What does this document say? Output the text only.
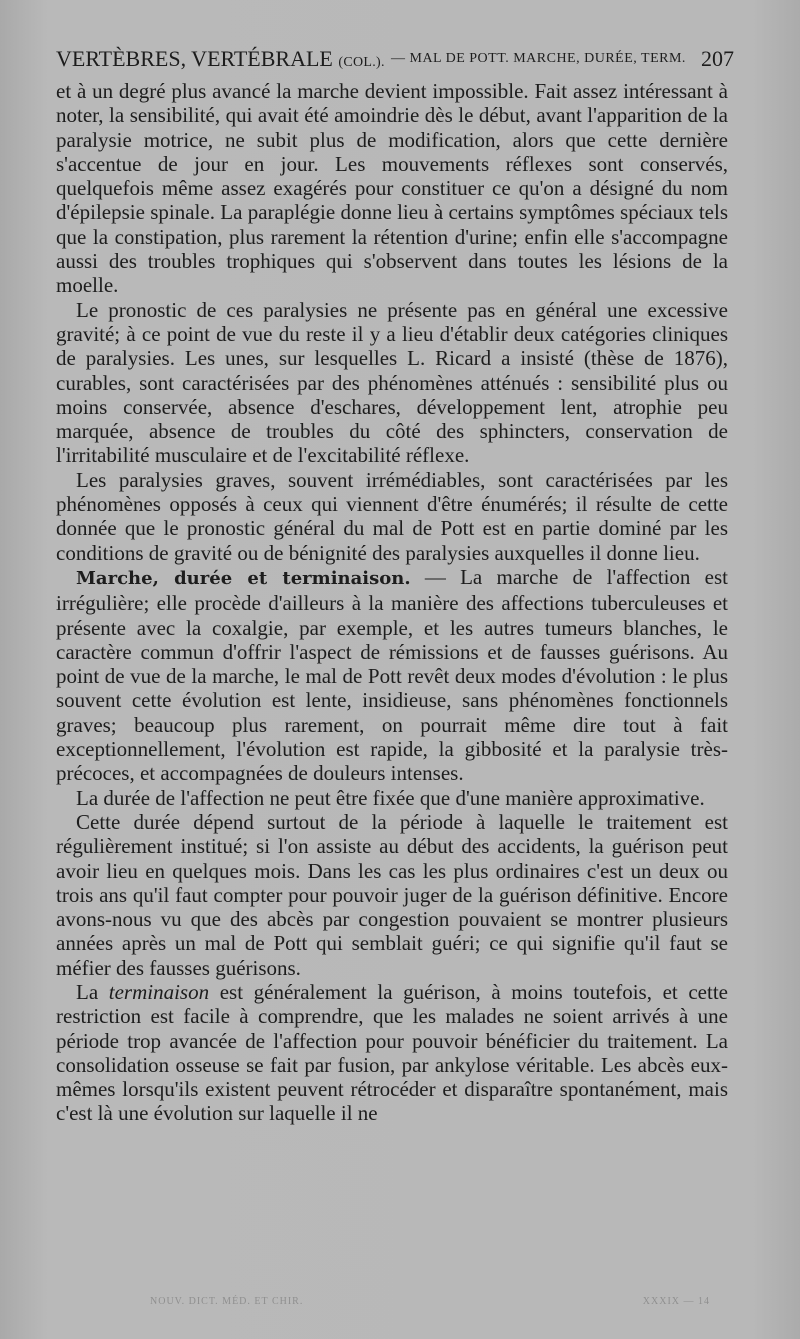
VERTÈBRES, VERTÉBRALE (COL.). — MAL DE POTT. MARCHE, DURÉE, TERM. 207

et à un degré plus avancé la marche devient impossible. Fait assez intéressant à noter, la sensibilité, qui avait été amoindrie dès le début, avant l'apparition de la paralysie motrice, ne subit plus de modification, alors que cette dernière s'accentue de jour en jour. Les mouvements réflexes sont conservés, quelquefois même assez exagérés pour constituer ce qu'on a désigné du nom d'épilepsie spinale. La paraplégie donne lieu à certains symptômes spéciaux tels que la constipation, plus rarement la rétention d'urine; enfin elle s'accompagne aussi des troubles trophiques qui s'observent dans toutes les lésions de la moelle.

Le pronostic de ces paralysies ne présente pas en général une excessive gravité; à ce point de vue du reste il y a lieu d'établir deux catégories cliniques de paralysies. Les unes, sur lesquelles L. Ricard a insisté (thèse de 1876), curables, sont caractérisées par des phénomènes atténués : sensibilité plus ou moins conservée, absence d'eschares, développement lent, atrophie peu marquée, absence de troubles du côté des sphincters, conservation de l'irritabilité musculaire et de l'excitabilité réflexe.

Les paralysies graves, souvent irrémédiables, sont caractérisées par les phénomènes opposés à ceux qui viennent d'être énumérés; il résulte de cette donnée que le pronostic général du mal de Pott est en partie dominé par les conditions de gravité ou de bénignité des paralysies auxquelles il donne lieu.

Marche, durée et terminaison. — La marche de l'affection est irrégulière; elle procède d'ailleurs à la manière des affections tuberculeuses et présente avec la coxalgie, par exemple, et les autres tumeurs blanches, le caractère commun d'offrir l'aspect de rémissions et de fausses guérisons. Au point de vue de la marche, le mal de Pott revêt deux modes d'évolution : le plus souvent cette évolution est lente, insidieuse, sans phénomènes fonctionnels graves; beaucoup plus rarement, on pourrait même dire tout à fait exceptionnellement, l'évolution est rapide, la gibbosité et la paralysie très-précoces, et accompagnées de douleurs intenses.

La durée de l'affection ne peut être fixée que d'une manière approximative.

Cette durée dépend surtout de la période à laquelle le traitement est régulièrement institué; si l'on assiste au début des accidents, la guérison peut avoir lieu en quelques mois. Dans les cas les plus ordinaires c'est un deux ou trois ans qu'il faut compter pour pouvoir juger de la guérison définitive. Encore avons-nous vu que des abcès par congestion pouvaient se montrer plusieurs années après un mal de Pott qui semblait guéri; ce qui signifie qu'il faut se méfier des fausses guérisons.

La terminaison est généralement la guérison, à moins toutefois, et cette restriction est facile à comprendre, que les malades ne soient arrivés à une période trop avancée de l'affection pour pouvoir bénéficier du traitement. La consolidation osseuse se fait par fusion, par ankylose véritable. Les abcès eux-mêmes lorsqu'ils existent peuvent rétrocéder et disparaître spontanément, mais c'est là une évolution sur laquelle il ne

NOUV. DICT. MÉD. ET CHIR.	XXXIX — 14
